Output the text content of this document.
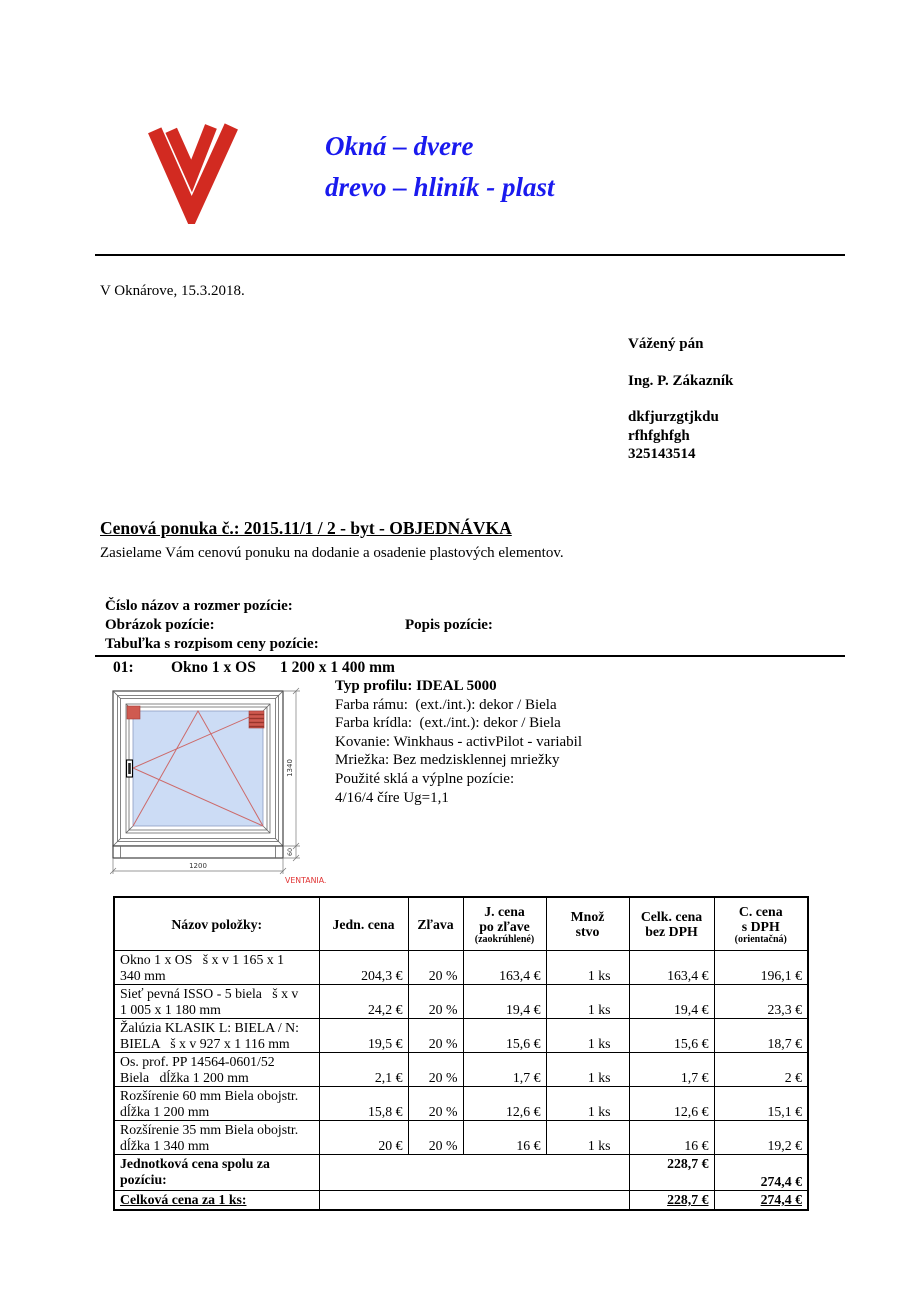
Okná – dvere
drevo – hliník - plast
V Oknárove, 15.3.2018.
Vážený pán
Ing. P. Zákazník
dkfjurzgtjkdu
rfhfghfgh
325143514
Cenová ponuka č.: 2015.11/1 / 2 - byt - OBJEDNÁVKA
Zasielame Vám cenovú ponuku na dodanie a osadenie plastových elementov.
Číslo názov a rozmer pozície:
Obrázok pozície:	Popis pozície:
Tabuľka s rozpisom ceny pozície:
01: Okno 1 x OS 1 200 x 1 400 mm
1340
60
1200
VENTANIA.
Typ profilu: IDEAL 5000
Farba rámu:  (ext./int.): dekor / Biela
Farba krídla:  (ext./int.): dekor / Biela
Kovanie: Winkhaus - activPilot - variabil
Mriežka: Bez medzisklennej mriežky
Použité sklá a výplne pozície:
4/16/4 číre Ug=1,1
Názov položky:	Jedn. cena	Zľava	J. cena
po zľave
(zaokrúhlené)	Množ
stvo	Celk. cena
bez DPH	C. cena
s DPH
(orientačná)

Okno 1 x OS   š x v 1 165 x 1
340 mm	204,3 €	20 %	163,4 €	1 ks	163,4 €	196,1 €
Sieť pevná ISSO - 5 biela   š x v
1 005 x 1 180 mm	24,2 €	20 %	19,4 €	1 ks	19,4 €	23,3 €
Žalúzia KLASIK L: BIELA / N:
BIELA   š x v 927 x 1 116 mm	19,5 €	20 %	15,6 €	1 ks	15,6 €	18,7 €
Os. prof. PP 14564-0601/52
Biela   dĺžka 1 200 mm	2,1 €	20 %	1,7 €	1 ks	1,7 €	2 €
Rozšírenie 60 mm Biela obojstr.
dĺžka 1 200 mm	15,8 €	20 %	12,6 €	1 ks	12,6 €	15,1 €
Rozšírenie 35 mm Biela obojstr.
dĺžka 1 340 mm	20 €	20 %	16 €	1 ks	16 €	19,2 €
Jednotková cena spolu za
pozíciu:					228,7 €	274,4 €
Celková cena za 1 ks:					228,7 €	274,4 €
